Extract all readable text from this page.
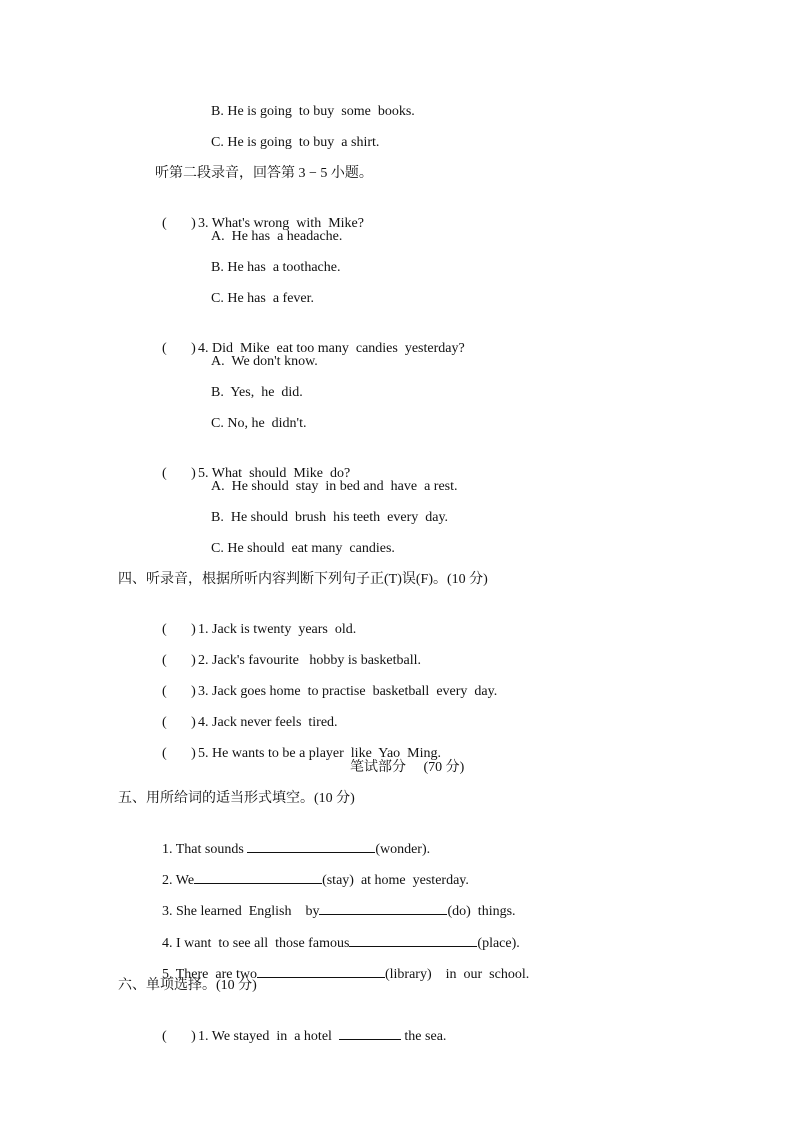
B. He is going  to buy  some  books.
C. He is going  to buy  a shirt.
听第二段录音，回答第 3 − 5 小题。

(       ) 3. What's wrong  with  Mike?

A.  He has  a headache.
B. He has  a toothache.
C. He has  a fever.

(       ) 4. Did  Mike  eat too many  candies  yesterday?

A.  We don't know.
B.  Yes,  he  did.
C. No, he  didn't.

(       ) 5. What  should  Mike  do?

A.  He should  stay  in bed and  have  a rest.
B.  He should  brush  his teeth  every  day.
C. He should  eat many  candies.
四、听录音，根据所听内容判断下列句子正(T)误(F)。(10 分)

(       ) 1. Jack is twenty  years  old.

(       ) 2. Jack's favourite   hobby is basketball.

(       ) 3. Jack goes home  to practise  basketball  every  day.

(       ) 4. Jack never feels  tired.

(       ) 5. He wants to be a player  like  Yao  Ming.

笔试部分     (70 分)
五、用所给词的适当形式填空。(10 分)

1. That sounds	(wonder).

2. We	(stay)  at home  yesterday.

3. She learned  English    by	(do)  things.

4. I want  to see all  those famous	(place).

5. There  are two	(library)    in  our  school.

六、单项选择。(10 分)

(       ) 1. We stayed  in  a hotel	the sea.
